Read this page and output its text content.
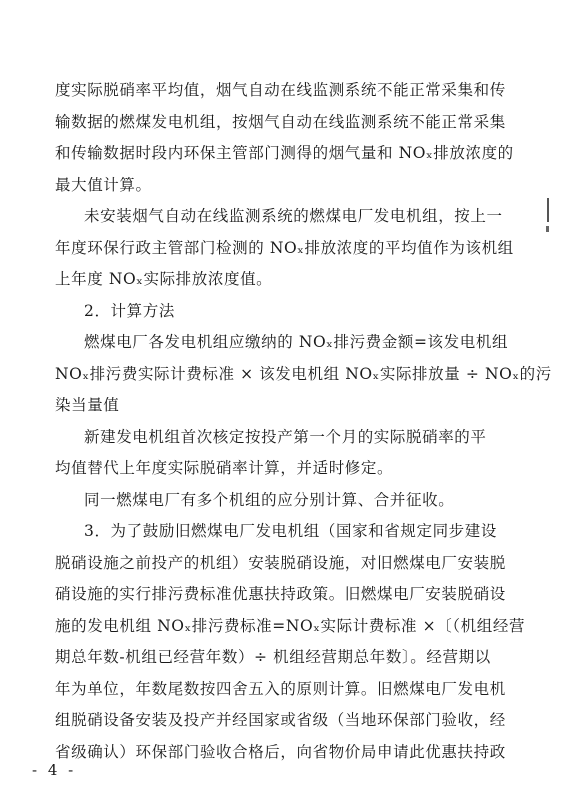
度实际脱硝率平均值，烟气自动在线监测系统不能正常采集和传
输数据的燃煤发电机组，按烟气自动在线监测系统不能正常采集
和传输数据时段内环保主管部门测得的烟气量和 NOₓ排放浓度的
最大值计算。
未安装烟气自动在线监测系统的燃煤电厂发电机组，按上一
年度环保行政主管部门检测的 NOₓ排放浓度的平均值作为该机组
上年度 NOₓ实际排放浓度值。
2．计算方法
燃煤电厂各发电机组应缴纳的 NOₓ排污费金额=该发电机组
NOₓ排污费实际计费标准 × 该发电机组 NOₓ实际排放量 ÷ NOₓ的污
染当量值
新建发电机组首次核定按投产第一个月的实际脱硝率的平
均值替代上年度实际脱硝率计算，并适时修定。
同一燃煤电厂有多个机组的应分别计算、合并征收。
3．为了鼓励旧燃煤电厂发电机组（国家和省规定同步建设
脱硝设施之前投产的机组）安装脱硝设施，对旧燃煤电厂安装脱
硝设施的实行排污费标准优惠扶持政策。旧燃煤电厂安装脱硝设
施的发电机组 NOₓ排污费标准=NOₓ实际计费标准 ×〔（机组经营
期总年数-机组已经营年数）÷ 机组经营期总年数〕。经营期以
年为单位，年数尾数按四舍五入的原则计算。旧燃煤电厂发电机
组脱硝设备安装及投产并经国家或省级（当地环保部门验收，经
省级确认）环保部门验收合格后，向省物价局申请此优惠扶持政
- 4 -
